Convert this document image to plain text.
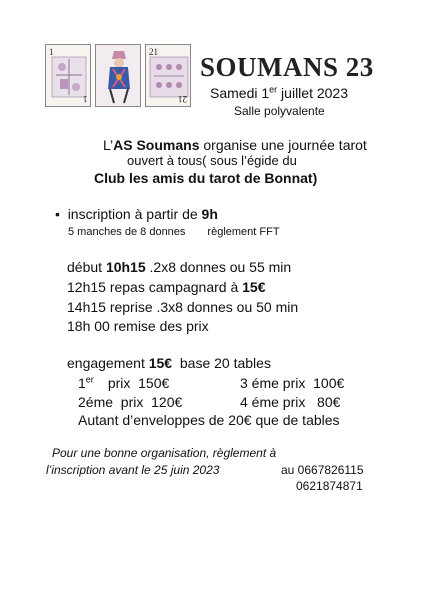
1
1
21
21
SOUMANS 23
Samedi 1er juillet 2023
Salle polyvalente
L’AS Soumans organise une journée tarot
ouvert à tous( sous l’égide du
Club les amis du tarot de Bonnat)
• inscription à partir de 9h
5 manches de 8 donnes règlement FFT
début 10h15 .2x8 donnes ou 55 min
12h15 repas campagnard à 15€
14h15 reprise .3x8 donnes ou 50 min
18h 00 remise des prix
engagement 15€  base 20 tables
1er prix  150€	3 éme prix  100€
2éme  prix  120€	4 éme prix   80€
Autant d’enveloppes de 20€ que de tables
Pour une bonne organisation, règlement à
l’inscription avant le 25 juin 2023	au 0667826115
0621874871
